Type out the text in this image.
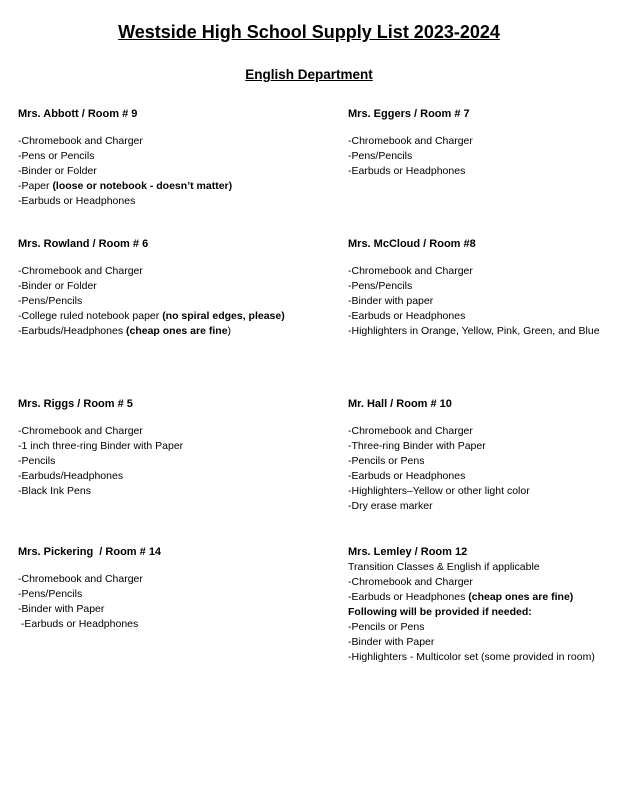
Westside High School Supply List 2023-2024
English Department
Mrs. Abbott / Room # 9
-Chromebook and Charger
-Pens or Pencils
-Binder or Folder
-Paper (loose or notebook - doesn’t matter)
-Earbuds or Headphones
Mrs. Rowland / Room # 6
-Chromebook and Charger
-Binder or Folder
-Pens/Pencils
-College ruled notebook paper (no spiral edges, please)
-Earbuds/Headphones (cheap ones are fine)
Mrs. Riggs / Room # 5
-Chromebook and Charger
-1 inch three-ring Binder with Paper
-Pencils
-Earbuds/Headphones
-Black Ink Pens
Mrs. Pickering  / Room # 14
-Chromebook and Charger
-Pens/Pencils
-Binder with Paper
-Earbuds or Headphones
Mrs. Eggers / Room # 7
-Chromebook and Charger
-Pens/Pencils
-Earbuds or Headphones
Mrs. McCloud / Room #8
-Chromebook and Charger
-Pens/Pencils
-Binder with paper
-Earbuds or Headphones
-Highlighters in Orange, Yellow, Pink, Green, and Blue
Mr. Hall / Room # 10
-Chromebook and Charger
-Three-ring Binder with Paper
-Pencils or Pens
-Earbuds or Headphones
-Highlighters–Yellow or other light color
-Dry erase marker
Mrs. Lemley / Room 12
Transition Classes & English if applicable
-Chromebook and Charger
-Earbuds or Headphones (cheap ones are fine)
Following will be provided if needed:
-Pencils or Pens
-Binder with Paper
-Highlighters - Multicolor set (some provided in room)
